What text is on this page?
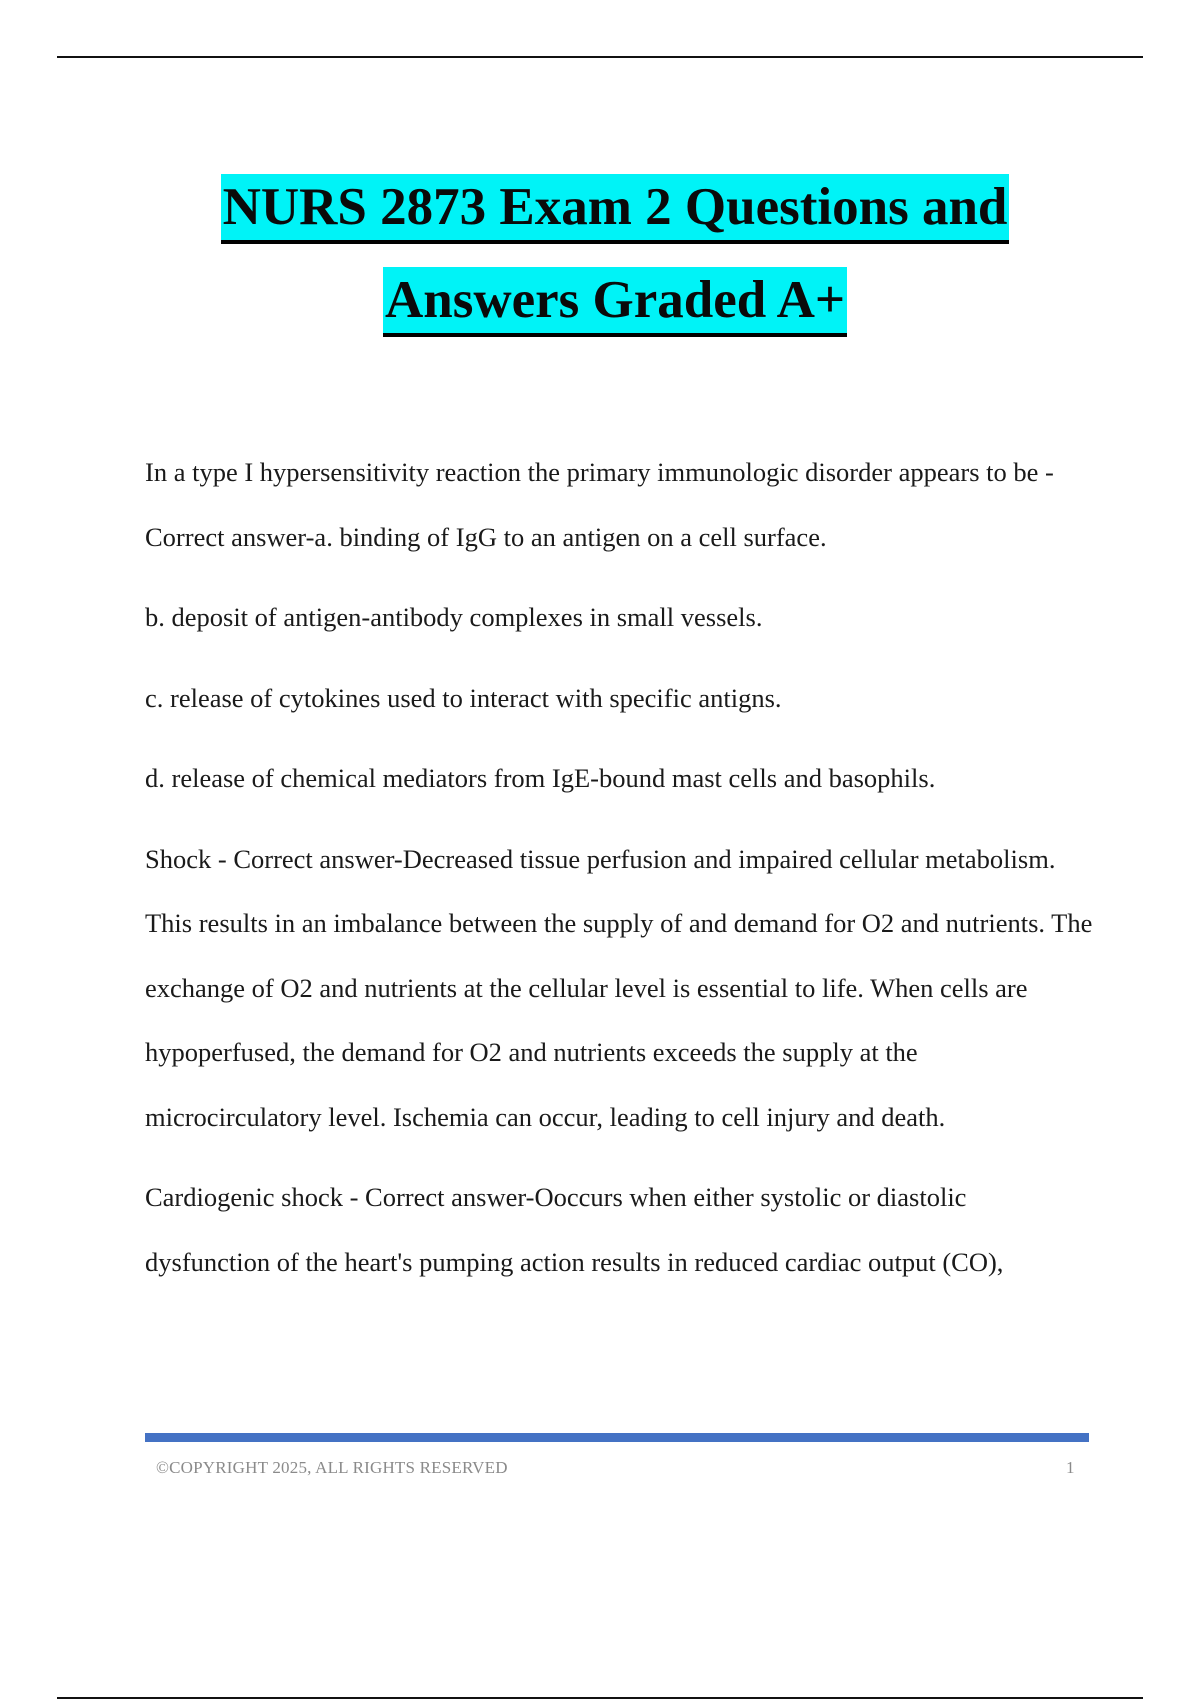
NURS 2873 Exam 2 Questions and
Answers Graded A+

In a type I hypersensitivity reaction the primary immunologic disorder appears to be - Correct answer-a. binding of IgG to an antigen on a cell surface.

b. deposit of antigen-antibody complexes in small vessels.

c. release of cytokines used to interact with specific antigns.

d. release of chemical mediators from IgE-bound mast cells and basophils.

Shock - Correct answer-Decreased tissue perfusion and impaired cellular metabolism. This results in an imbalance between the supply of and demand for O2 and nutrients. The exchange of O2 and nutrients at the cellular level is essential to life. When cells are hypoperfused, the demand for O2 and nutrients exceeds the supply at the microcirculatory level. Ischemia can occur, leading to cell injury and death.

Cardiogenic shock - Correct answer-Ooccurs when either systolic or diastolic dysfunction of the heart's pumping action results in reduced cardiac output (CO),

©COPYRIGHT 2025, ALL RIGHTS RESERVED	1
